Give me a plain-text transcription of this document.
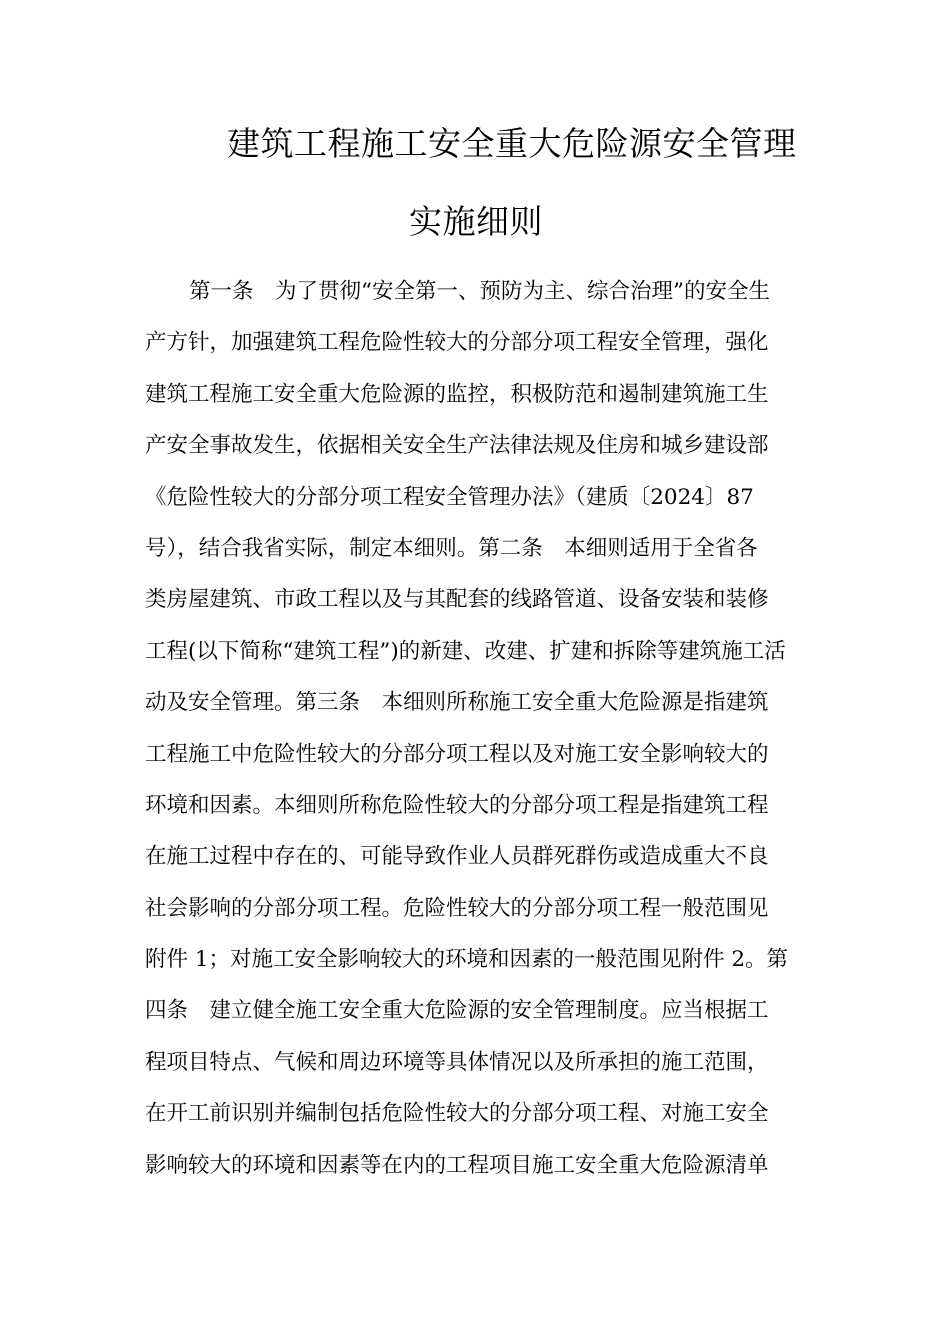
建筑工程施工安全重大危险源安全管理
实施细则
第一条　为了贯彻“安全第一、预防为主、综合治理”的安全生
产方针，加强建筑工程危险性较大的分部分项工程安全管理，强化
建筑工程施工安全重大危险源的监控，积极防范和遏制建筑施工生
产安全事故发生，依据相关安全生产法律法规及住房和城乡建设部
《危险性较大的分部分项工程安全管理办法》（建质〔2024〕87
号），结合我省实际，制定本细则。第二条　本细则适用于全省各
类房屋建筑、市政工程以及与其配套的线路管道、设备安装和装修
工程(以下简称“建筑工程”)的新建、改建、扩建和拆除等建筑施工活
动及安全管理。第三条　本细则所称施工安全重大危险源是指建筑
工程施工中危险性较大的分部分项工程以及对施工安全影响较大的
环境和因素。本细则所称危险性较大的分部分项工程是指建筑工程
在施工过程中存在的、可能导致作业人员群死群伤或造成重大不良
社会影响的分部分项工程。危险性较大的分部分项工程一般范围见
附件 1；对施工安全影响较大的环境和因素的一般范围见附件 2。第
四条　建立健全施工安全重大危险源的安全管理制度。应当根据工
程项目特点、气候和周边环境等具体情况以及所承担的施工范围，
在开工前识别并编制包括危险性较大的分部分项工程、对施工安全
影响较大的环境和因素等在内的工程项目施工安全重大危险源清单
